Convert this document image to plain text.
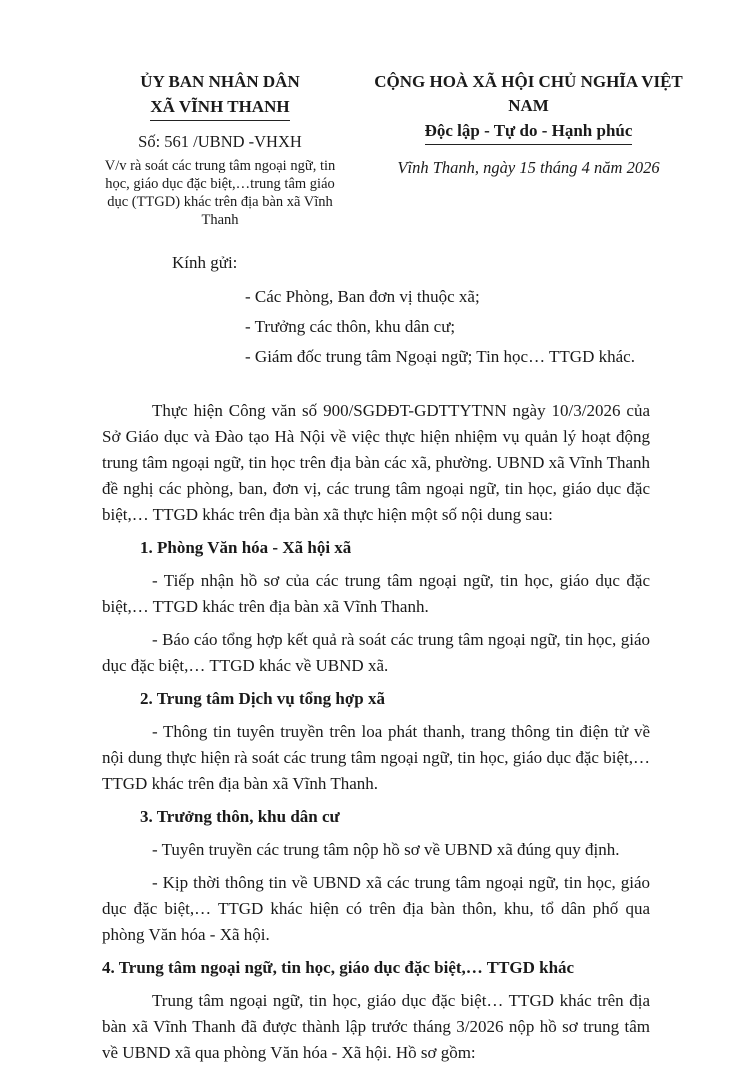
ỦY BAN NHÂN DÂN
XÃ VĨNH THANH
Số: 561 /UBND -VHXH
V/v rà soát các trung tâm ngoại ngữ, tin học, giáo dục đặc biệt,…trung tâm giáo dục (TTGD) khác trên địa bàn xã Vĩnh Thanh
CỘNG HOÀ XÃ HỘI CHỦ NGHĨA VIỆT NAM
Độc lập - Tự do - Hạnh phúc
Vĩnh Thanh, ngày 15 tháng 4 năm 2026
Kính gửi:
- Các Phòng, Ban đơn vị thuộc xã;
- Trưởng các thôn, khu dân cư;
- Giám đốc trung tâm Ngoại ngữ; Tin học… TTGD khác.

Thực hiện Công văn số 900/SGDĐT-GDTTYTNN ngày 10/3/2026 của Sở Giáo dục và Đào tạo Hà Nội về việc thực hiện nhiệm vụ quản lý hoạt động trung tâm ngoại ngữ, tin học trên địa bàn các xã, phường. UBND xã Vĩnh Thanh đề nghị các phòng, ban, đơn vị, các trung tâm ngoại ngữ, tin học, giáo dục đặc biệt,… TTGD khác trên địa bàn xã thực hiện một số nội dung sau:

1. Phòng Văn hóa - Xã hội xã

- Tiếp nhận hồ sơ của các trung tâm ngoại ngữ, tin học, giáo dục đặc biệt,… TTGD khác trên địa bàn xã Vĩnh Thanh.

- Báo cáo tổng hợp kết quả rà soát các trung tâm ngoại ngữ, tin học, giáo dục đặc biệt,… TTGD khác về UBND xã.

2. Trung tâm Dịch vụ tổng hợp xã

- Thông tin tuyên truyền trên loa phát thanh, trang thông tin điện tử về nội dung thực hiện rà soát các trung tâm ngoại ngữ, tin học, giáo dục đặc biệt,… TTGD khác trên địa bàn xã Vĩnh Thanh.

3. Trưởng thôn, khu dân cư

- Tuyên truyền các trung tâm nộp hồ sơ về UBND xã đúng quy định.

- Kịp thời thông tin về UBND xã các trung tâm ngoại ngữ, tin học, giáo dục đặc biệt,… TTGD khác hiện có trên địa bàn thôn, khu, tổ dân phố qua phòng Văn hóa - Xã hội.

4. Trung tâm ngoại ngữ, tin học, giáo dục đặc biệt,… TTGD khác

Trung tâm ngoại ngữ, tin học, giáo dục đặc biệt… TTGD khác trên địa bàn xã Vĩnh Thanh đã được thành lập trước tháng 3/2026 nộp hồ sơ trung tâm về UBND xã qua phòng Văn hóa - Xã hội. Hồ sơ gồm:
